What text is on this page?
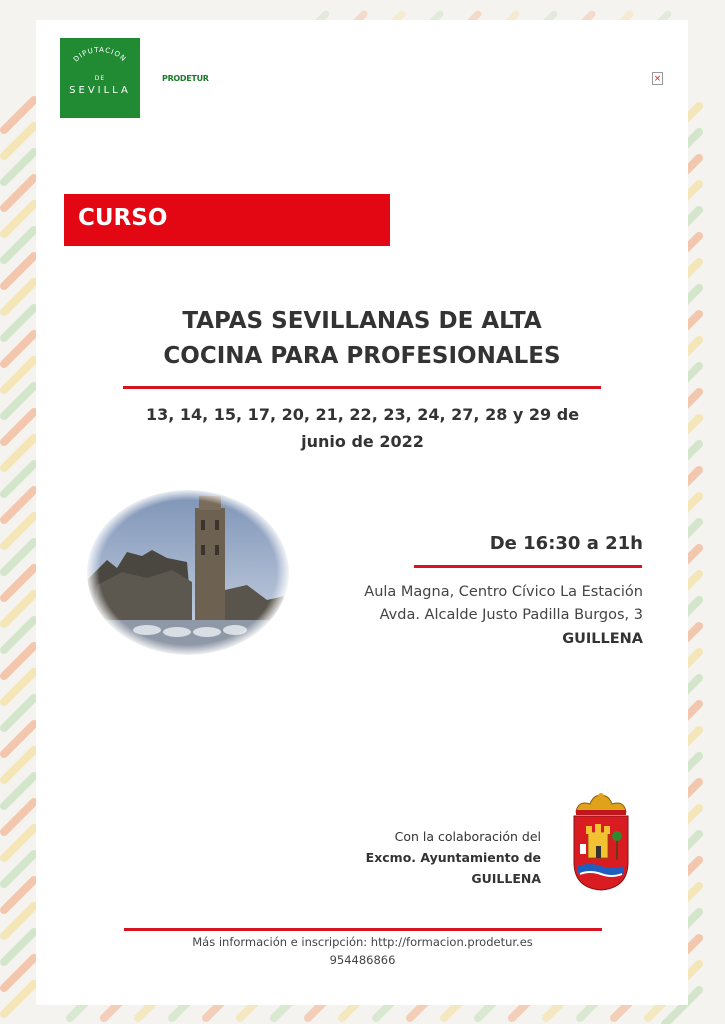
DIPUTACION
DE
SEVILLA
PRODETUR	×
CURSO
TAPAS SEVILLANAS DE ALTA
COCINA PARA PROFESIONALES
13, 14, 15, 17, 20, 21, 22, 23, 24, 27, 28 y 29 de
junio de 2022
De 16:30 a 21h
Aula Magna, Centro Cívico La Estación
Avda. Alcalde Justo Padilla Burgos, 3
GUILLENA
Con la colaboración del
Excmo. Ayuntamiento de
GUILLENA
Más información e inscripción: http://formacion.prodetur.es
954486866
